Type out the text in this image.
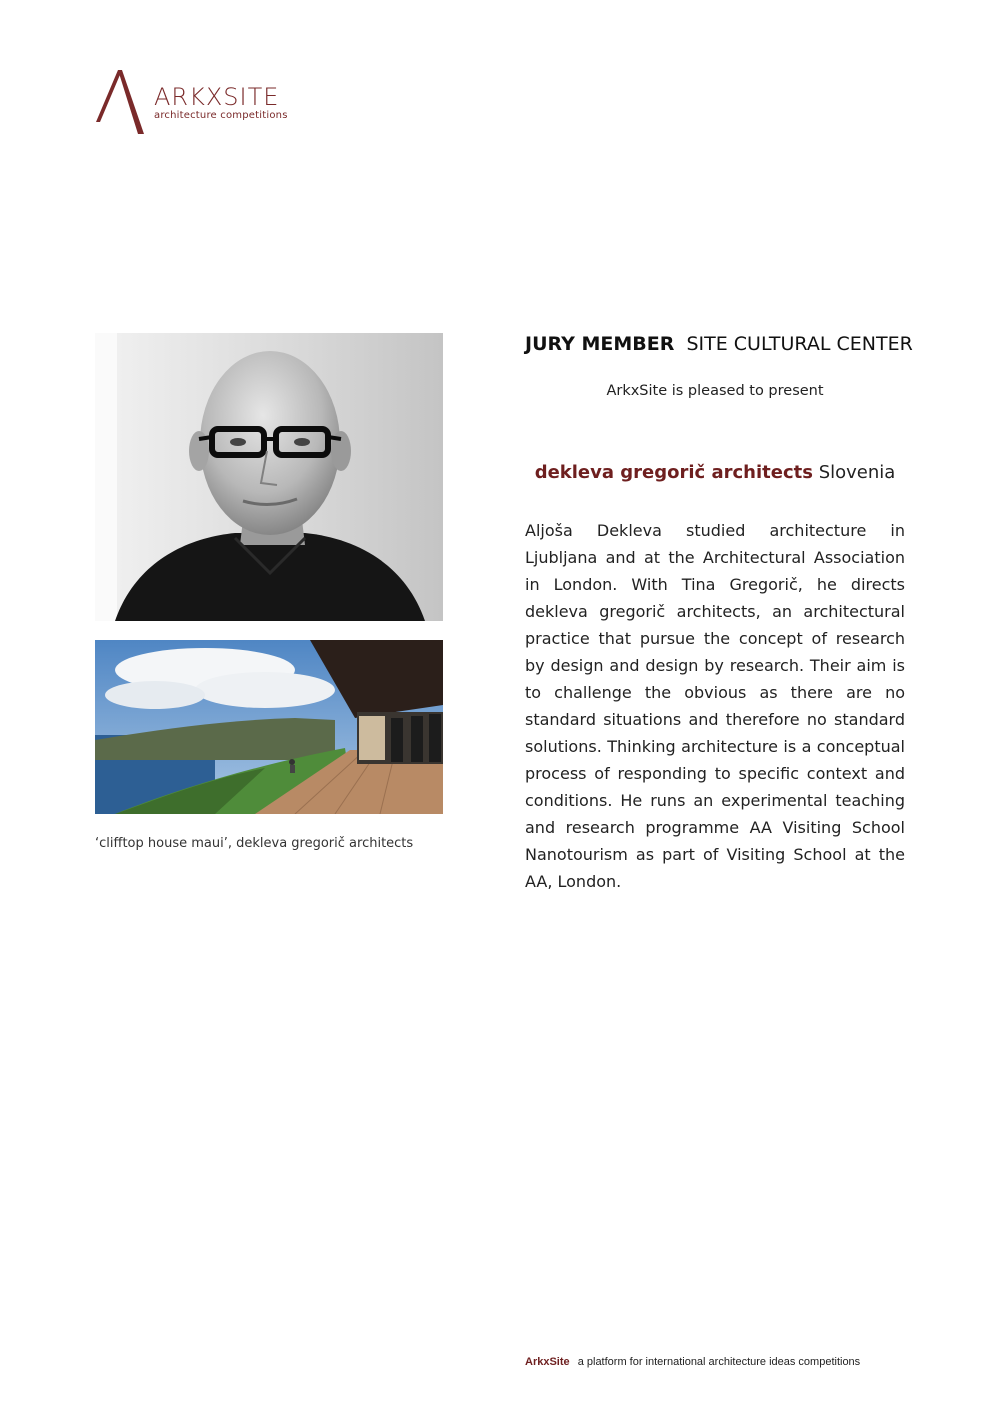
ARKXSITE
architecture competitions
‘clifftop house maui’, dekleva gregorič architects
JURY MEMBER SITE CULTURAL CENTER
ArkxSite is pleased to present
dekleva gregorič architects Slovenia
Aljoša Dekleva studied architecture in Ljubljana and at the Architectural Association in London. With Tina Gregorič, he directs dekleva gregorič architects, an architectural practice that pursue the concept of research by design and design by research. Their aim is to challenge the obvious as there are no standard situations and therefore no standard solutions. Thinking architecture is a conceptual process of responding to specific context and conditions. He runs an experimental teaching and research programme AA Visiting School Nanotourism as part of Visiting School at the AA, London.
ArkxSite a platform for international architecture ideas competitions
